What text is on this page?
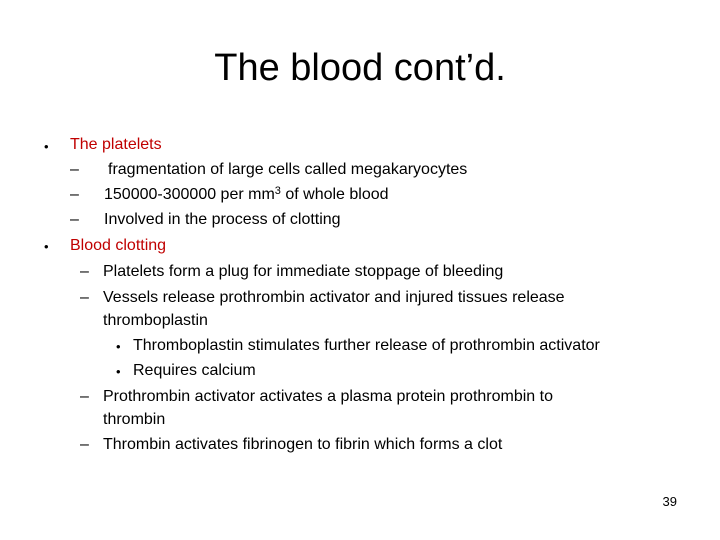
The blood cont’d.
• The platelets
– fragmentation of large cells called megakaryocytes
– 150000-300000 per $mm^3$ of whole blood
– Involved in the process of clotting
• Blood clotting
– Platelets form a plug for immediate stoppage of bleeding
– Vessels release prothrombin activator and injured tissues release
thromboplastin
• Thromboplastin stimulates further release of prothrombin activator
• Requires calcium
– Prothrombin activator activates a plasma protein prothrombin to
thrombin
– Thrombin activates fibrinogen to fibrin which forms a clot
39
